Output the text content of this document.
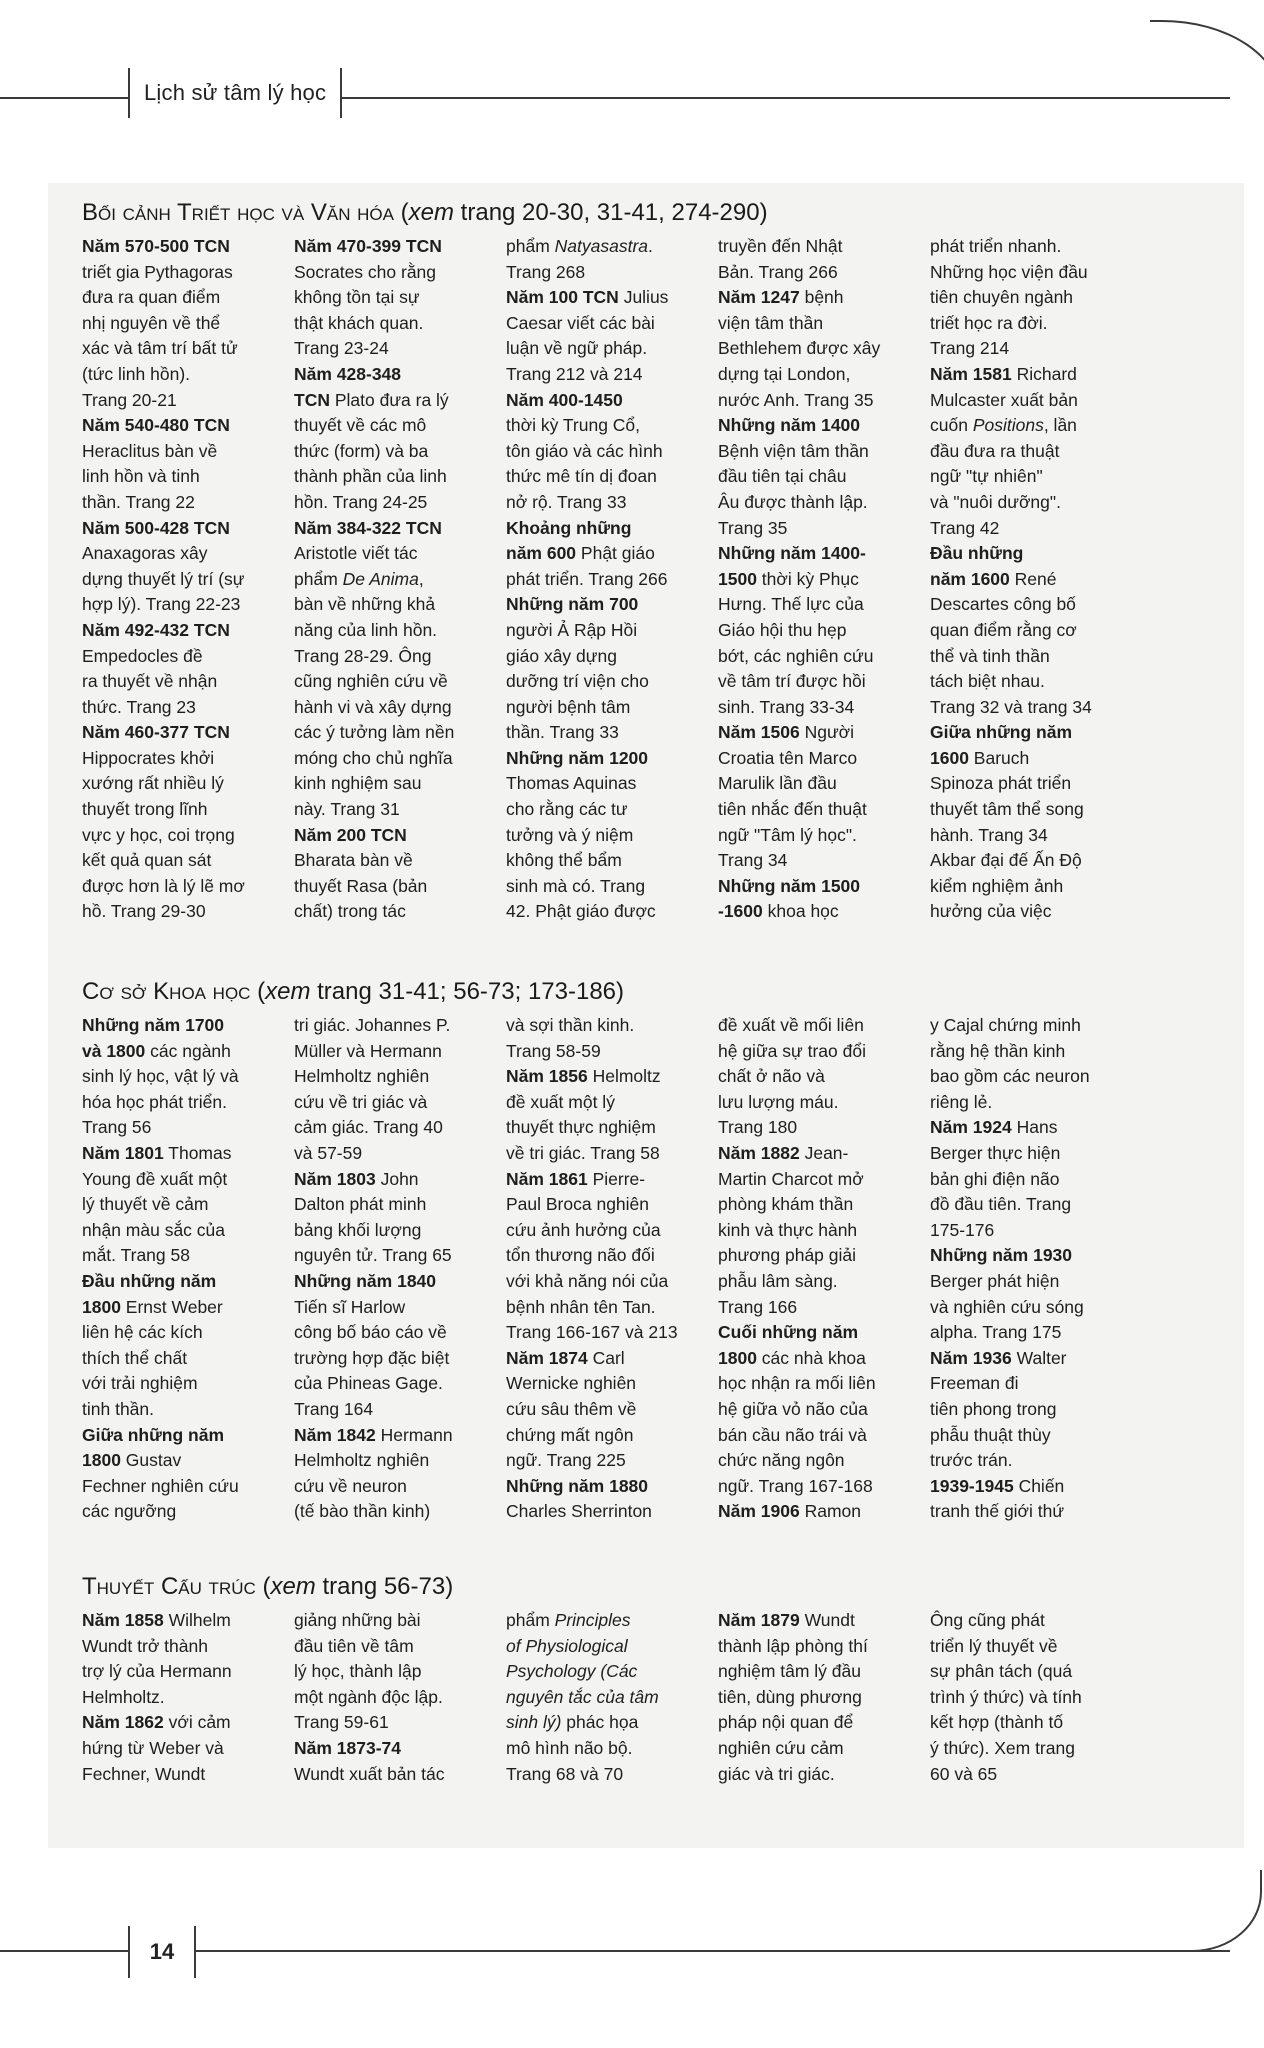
Lịch sử tâm lý học
Bối cảnh Triết học và Văn hóa (xem trang 20-30, 31-41, 274-290)
Năm 570-500 TCN
triết gia Pythagoras
đưa ra quan điểm
nhị nguyên về thể
xác và tâm trí bất tử
(tức linh hồn).
Trang 20-21
Năm 540-480 TCN
Heraclitus bàn về
linh hồn và tinh
thần. Trang 22
Năm 500-428 TCN
Anaxagoras xây
dựng thuyết lý trí (sự
hợp lý). Trang 22-23
Năm 492-432 TCN
Empedocles đề
ra thuyết về nhận
thức. Trang 23
Năm 460-377 TCN
Hippocrates khởi
xướng rất nhiều lý
thuyết trong lĩnh
vực y học, coi trọng
kết quả quan sát
được hơn là lý lẽ mơ
hồ. Trang 29-30
Năm 470-399 TCN
Socrates cho rằng
không tồn tại sự
thật khách quan.
Trang 23-24
Năm 428-348
TCN Plato đưa ra lý
thuyết về các mô
thức (form) và ba
thành phần của linh
hồn. Trang 24-25
Năm 384-322 TCN
Aristotle viết tác
phẩm De Anima,
bàn về những khả
năng của linh hồn.
Trang 28-29. Ông
cũng nghiên cứu về
hành vi và xây dựng
các ý tưởng làm nền
móng cho chủ nghĩa
kinh nghiệm sau
này. Trang 31
Năm 200 TCN
Bharata bàn về
thuyết Rasa (bản
chất) trong tác
phẩm Natyasastra.
Trang 268
Năm 100 TCN Julius
Caesar viết các bài
luận về ngữ pháp.
Trang 212 và 214
Năm 400-1450
thời kỳ Trung Cổ,
tôn giáo và các hình
thức mê tín dị đoan
nở rộ. Trang 33
Khoảng những
năm 600 Phật giáo
phát triển. Trang 266
Những năm 700
người Ả Rập Hồi
giáo xây dựng
dưỡng trí viện cho
người bệnh tâm
thần. Trang 33
Những năm 1200
Thomas Aquinas
cho rằng các tư
tưởng và ý niệm
không thể bẩm
sinh mà có. Trang
42. Phật giáo được
truyền đến Nhật
Bản. Trang 266
Năm 1247 bệnh
viện tâm thần
Bethlehem được xây
dựng tại London,
nước Anh. Trang 35
Những năm 1400
Bệnh viện tâm thần
đầu tiên tại châu
Âu được thành lập.
Trang 35
Những năm 1400-
1500 thời kỳ Phục
Hưng. Thế lực của
Giáo hội thu hẹp
bớt, các nghiên cứu
về tâm trí được hồi
sinh. Trang 33-34
Năm 1506 Người
Croatia tên Marco
Marulik lần đầu
tiên nhắc đến thuật
ngữ "Tâm lý học".
Trang 34
Những năm 1500
-1600 khoa học
phát triển nhanh.
Những học viện đầu
tiên chuyên ngành
triết học ra đời.
Trang 214
Năm 1581 Richard
Mulcaster xuất bản
cuốn Positions, lần
đầu đưa ra thuật
ngữ "tự nhiên"
và "nuôi dưỡng".
Trang 42
Đầu những
năm 1600 René
Descartes công bố
quan điểm rằng cơ
thể và tinh thần
tách biệt nhau.
Trang 32 và trang 34
Giữa những năm
1600 Baruch
Spinoza phát triển
thuyết tâm thể song
hành. Trang 34
Akbar đại đế Ấn Độ
kiểm nghiệm ảnh
hưởng của việc
Cơ sở Khoa học (xem trang 31-41; 56-73; 173-186)
Những năm 1700
và 1800 các ngành
sinh lý học, vật lý và
hóa học phát triển.
Trang 56
Năm 1801 Thomas
Young đề xuất một
lý thuyết về cảm
nhận màu sắc của
mắt. Trang 58
Đầu những năm
1800 Ernst Weber
liên hệ các kích
thích thể chất
với trải nghiệm
tinh thần.
Giữa những năm
1800 Gustav
Fechner nghiên cứu
các ngưỡng
tri giác. Johannes P.
Müller và Hermann
Helmholtz nghiên
cứu về tri giác và
cảm giác. Trang 40
và 57-59
Năm 1803 John
Dalton phát minh
bảng khối lượng
nguyên tử. Trang 65
Những năm 1840
Tiến sĩ Harlow
công bố báo cáo về
trường hợp đặc biệt
của Phineas Gage.
Trang 164
Năm 1842 Hermann
Helmholtz nghiên
cứu về neuron
(tế bào thần kinh)
và sợi thần kinh.
Trang 58-59
Năm 1856 Helmoltz
đề xuất một lý
thuyết thực nghiệm
về tri giác. Trang 58
Năm 1861 Pierre-
Paul Broca nghiên
cứu ảnh hưởng của
tổn thương não đối
với khả năng nói của
bệnh nhân tên Tan.
Trang 166-167 và 213
Năm 1874 Carl
Wernicke nghiên
cứu sâu thêm về
chứng mất ngôn
ngữ. Trang 225
Những năm 1880
Charles Sherrinton
đề xuất về mối liên
hệ giữa sự trao đổi
chất ở não và
lưu lượng máu.
Trang 180
Năm 1882 Jean-
Martin Charcot mở
phòng khám thần
kinh và thực hành
phương pháp giải
phẫu lâm sàng.
Trang 166
Cuối những năm
1800 các nhà khoa
học nhận ra mối liên
hệ giữa vỏ não của
bán cầu não trái và
chức năng ngôn
ngữ. Trang 167-168
Năm 1906 Ramon
y Cajal chứng minh
rằng hệ thần kinh
bao gồm các neuron
riêng lẻ.
Năm 1924 Hans
Berger thực hiện
bản ghi điện não
đồ đầu tiên. Trang
175-176
Những năm 1930
Berger phát hiện
và nghiên cứu sóng
alpha. Trang 175
Năm 1936 Walter
Freeman đi
tiên phong trong
phẫu thuật thùy
trước trán.
1939-1945 Chiến
tranh thế giới thứ
Thuyết Cấu trúc (xem trang 56-73)
Năm 1858 Wilhelm
Wundt trở thành
trợ lý của Hermann
Helmholtz.
Năm 1862 với cảm
hứng từ Weber và
Fechner, Wundt
giảng những bài
đầu tiên về tâm
lý học, thành lập
một ngành độc lập.
Trang 59-61
Năm 1873-74
Wundt xuất bản tác
phẩm Principles
of Physiological
Psychology (Các
nguyên tắc của tâm
sinh lý) phác họa
mô hình não bộ.
Trang 68 và 70
Năm 1879 Wundt
thành lập phòng thí
nghiệm tâm lý đầu
tiên, dùng phương
pháp nội quan để
nghiên cứu cảm
giác và tri giác.
Ông cũng phát
triển lý thuyết về
sự phân tách (quá
trình ý thức) và tính
kết hợp (thành tố
ý thức). Xem trang
60 và 65
14
